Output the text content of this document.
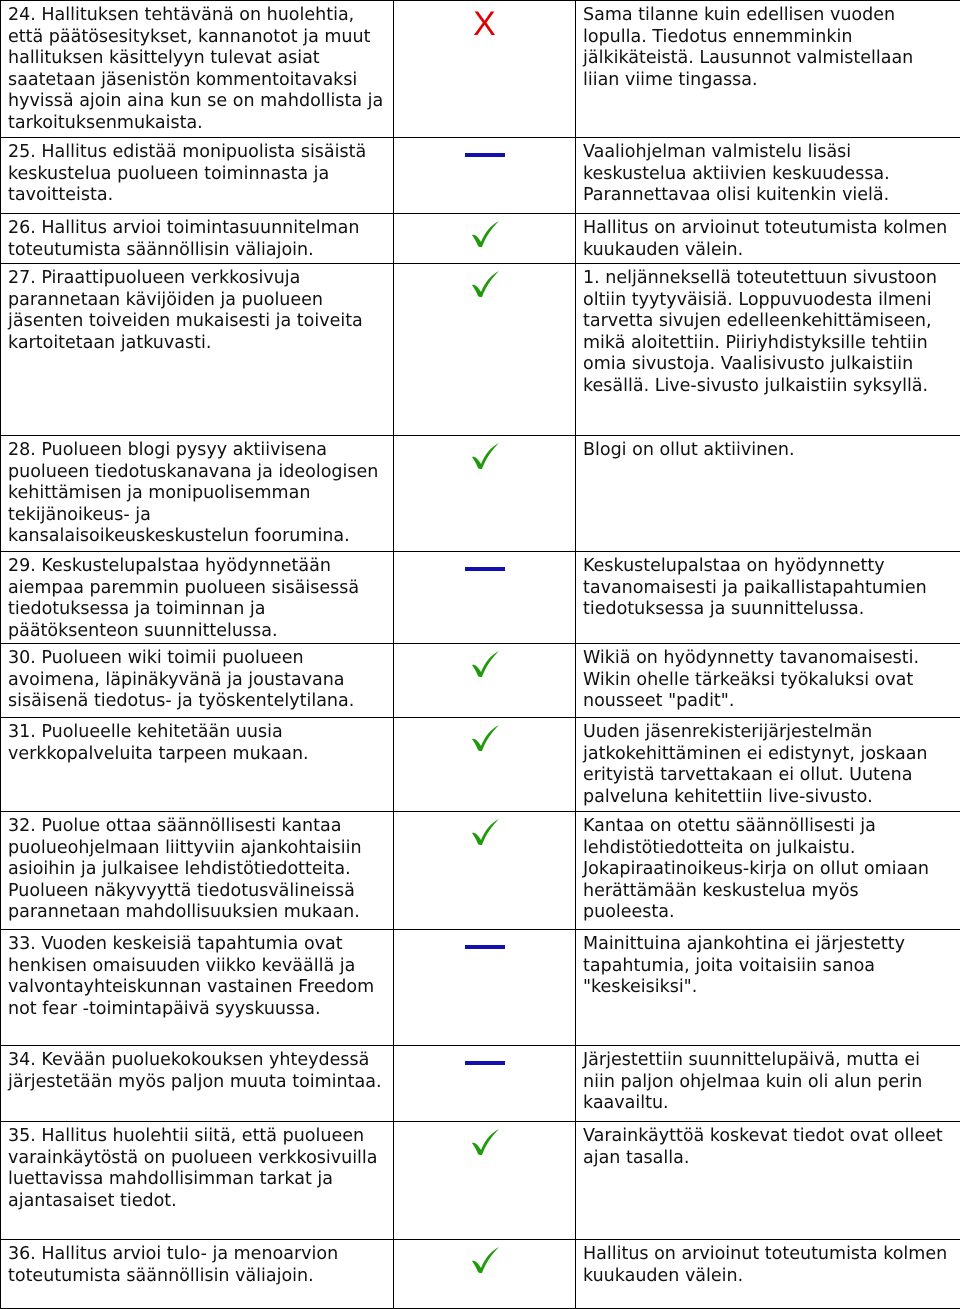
24. Hallituksen tehtävänä on huolehtia, että päätösesitykset, kannanotot ja muut hallituksen käsittelyyn tulevat asiat saatetaan jäsenistön kommentoitavaksi hyvissä ajoin aina kun se on mahdollista ja tarkoituksenmukaista.	X	Sama tilanne kuin edellisen vuoden lopulla. Tiedotus ennemminkin jälkikäteistä. Lausunnot valmistellaan liian viime tingassa.
25. Hallitus edistää monipuolista sisäistä keskustelua puolueen toiminnasta ja tavoitteista.		Vaaliohjelman valmistelu lisäsi keskustelua aktiivien keskuudessa. Parannettavaa olisi kuitenkin vielä.
26. Hallitus arvioi toimintasuunnitelman toteutumista säännöllisin väliajoin.		Hallitus on arvioinut toteutumista kolmen kuukauden välein.
27. Piraattipuolueen verkkosivuja parannetaan kävijöiden ja puolueen jäsenten toiveiden mukaisesti ja toiveita kartoitetaan jatkuvasti.		1. neljänneksellä toteutettuun sivustoon oltiin tyytyväisiä. Loppuvuodesta ilmeni tarvetta sivujen edelleenkehittämiseen, mikä aloitettiin. Piiriyhdistyksille tehtiin omia sivustoja. Vaalisivusto julkaistiin kesällä. Live-sivusto julkaistiin syksyllä.
28. Puolueen blogi pysyy aktiivisena puolueen tiedotuskanavana ja ideologisen kehittämisen ja monipuolisemman tekijänoikeus- ja kansalaisoikeuskeskustelun foorumina.		Blogi on ollut aktiivinen.
29. Keskustelupalstaa hyödynnetään aiempaa paremmin puolueen sisäisessä tiedotuksessa ja toiminnan ja päätöksenteon suunnittelussa.		Keskustelupalstaa on hyödynnetty tavanomaisesti ja paikallistapahtumien tiedotuksessa ja suunnittelussa.
30. Puolueen wiki toimii puolueen avoimena, läpinäkyvänä ja joustavana sisäisenä tiedotus- ja työskentelytilana.		Wikiä on hyödynnetty tavanomaisesti. Wikin ohelle tärkeäksi työkaluksi ovat nousseet "padit".
31. Puolueelle kehitetään uusia verkkopalveluita tarpeen mukaan.		Uuden jäsenrekisterijärjestelmän jatkokehittäminen ei edistynyt, joskaan erityistä tarvettakaan ei ollut. Uutena palveluna kehitettiin live-sivusto.
32. Puolue ottaa säännöllisesti kantaa puolueohjelmaan liittyviin ajankohtaisiin asioihin ja julkaisee lehdistötiedotteita. Puolueen näkyvyyttä tiedotusvälineissä parannetaan mahdollisuuksien mukaan.		Kantaa on otettu säännöllisesti ja lehdistötiedotteita on julkaistu. Jokapiraatinoikeus-kirja on ollut omiaan herättämään keskustelua myös puoleesta.
33. Vuoden keskeisiä tapahtumia ovat henkisen omaisuuden viikko keväällä ja valvontayhteiskunnan vastainen Freedom not fear -toimintapäivä syyskuussa.		Mainittuina ajankohtina ei järjestetty tapahtumia, joita voitaisiin sanoa "keskeisiksi".
34. Kevään puoluekokouksen yhteydessä järjestetään myös paljon muuta toimintaa.		Järjestettiin suunnittelupäivä, mutta ei niin paljon ohjelmaa kuin oli alun perin kaavailtu.
35. Hallitus huolehtii siitä, että puolueen varainkäytöstä on puolueen verkkosivuilla luettavissa mahdollisimman tarkat ja ajantasaiset tiedot.		Varainkäyttöä koskevat tiedot ovat olleet ajan tasalla.
36. Hallitus arvioi tulo- ja menoarvion toteutumista säännöllisin väliajoin.		Hallitus on arvioinut toteutumista kolmen kuukauden välein.
